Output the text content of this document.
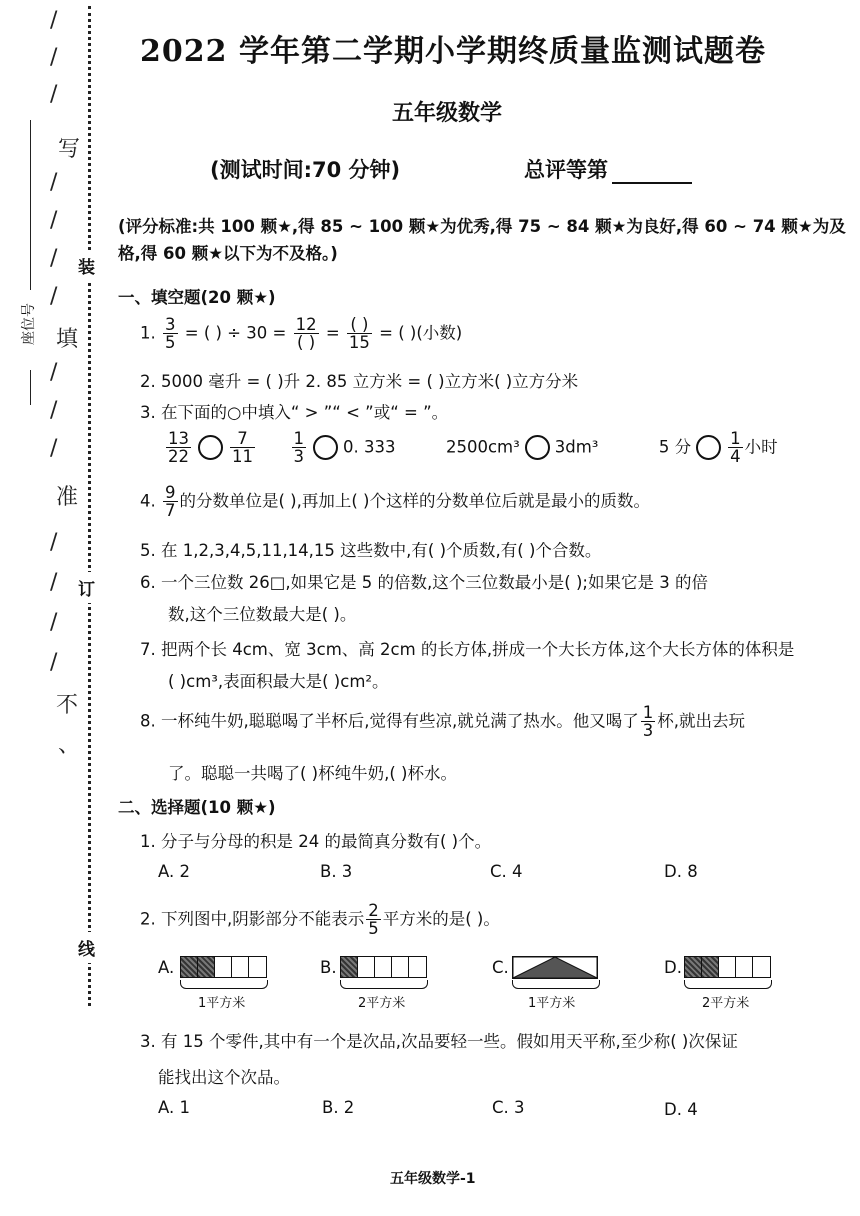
装
订
线
座位号
/
/
/
写
/
/
/
/
填
/
/
/
准
/
/
/
/
不
、
2022 学年第二学期小学期终质量监测试题卷
五年级数学
(测试时间:70 分钟)	总评等第
(评分标准:共 100 颗★,得 85 ~ 100 颗★为优秀,得 75 ~ 84 颗★为良好,得 60 ~ 74 颗★为及
格,得 60 颗★以下为不及格。)
一、填空题(20 颗★)
1. $\frac{3}{5}$ = ( ) ÷ $30 = \frac{12}{( )} = \frac{( )}{15}$ = ( )(小数)
2. 5000 毫升 = ( )升 2. 85 立方米 = ( )立方米( )立方分米
3. 在下面的○中填入“ > ”“ < ”或“ = ”。
$\frac{13}{22} \frac{7}{11}$
$\frac{1}{3} 0$. 333	2500cm³ 3dm³	5 分 $\frac{1}{4}$ 小时
4. $\frac{9}{7}$ 的分数单位是( ),再加上( )个这样的分数单位后就是最小的质数。
5. 在 1,2,3,4,5,11,14,15 这些数中,有( )个质数,有( )个合数。
6. 一个三位数 26□,如果它是 5 的倍数,这个三位数最小是( );如果它是 3 的倍
数,这个三位数最大是( )。
7. 把两个长 4cm、宽 3cm、高 2cm 的长方体,拼成一个大长方体,这个大长方体的体积是
( )cm³,表面积最大是( )cm²。
8. 一杯纯牛奶,聪聪喝了半杯后,觉得有些凉,就兑满了热水。他又喝了 $\frac{1}{3}$ 杯,就出去玩
了。聪聪一共喝了( )杯纯牛奶,( )杯水。
二、选择题(10 颗★)
1. 分子与分母的积是 24 的最简真分数有( )个。
A. 2	B. 3	C. 4	D. 8
2. 下列图中,阴影部分不能表示 $\frac{2}{5}$ 平方米的是( )。
A.
1平方米
B.
2平方米
C.
1平方米
D.
2平方米
3. 有 15 个零件,其中有一个是次品,次品要轻一些。假如用天平称,至少称( )次保证
能找出这个次品。
A. 1	B. 2	C. 3	D. 4
五年级数学-1
